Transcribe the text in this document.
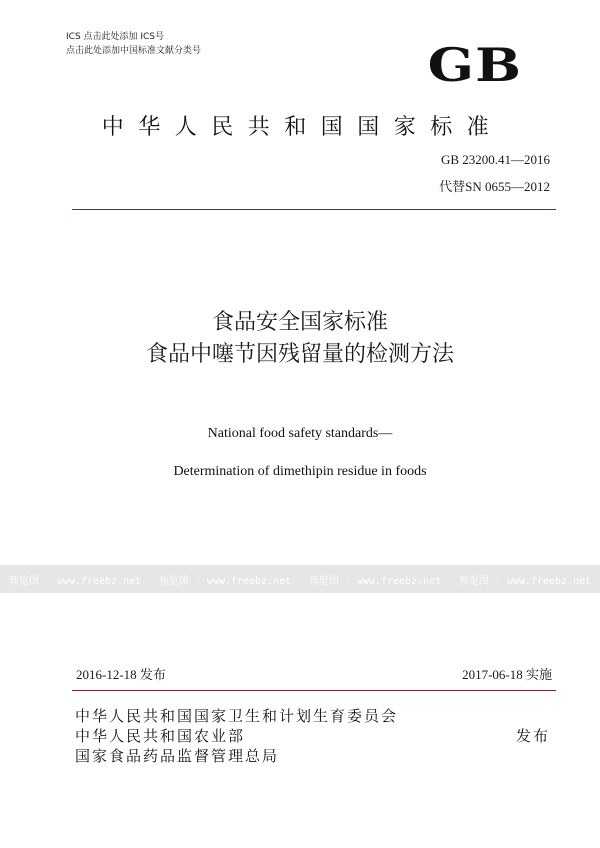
ICS 点击此处添加 ICS号
点击此处添加中国标准文献分类号	GB
中华人民共和国国家标准
GB 23200.41—2016
代替SN 0655—2012
食品安全国家标准
食品中噻节因残留量的检测方法
National food safety standards—
Determination of dimethipin residue in foods
预览图 - www.freebz.net	预览图 - www.freebz.net	预览图 - www.freebz.net	预览图 - www.freebz.net
2016-12-18 发布	2017-06-18 实施
中华人民共和国国家卫生和计划生育委员会
中华人民共和国农业部
国家食品药品监督管理总局
发布
